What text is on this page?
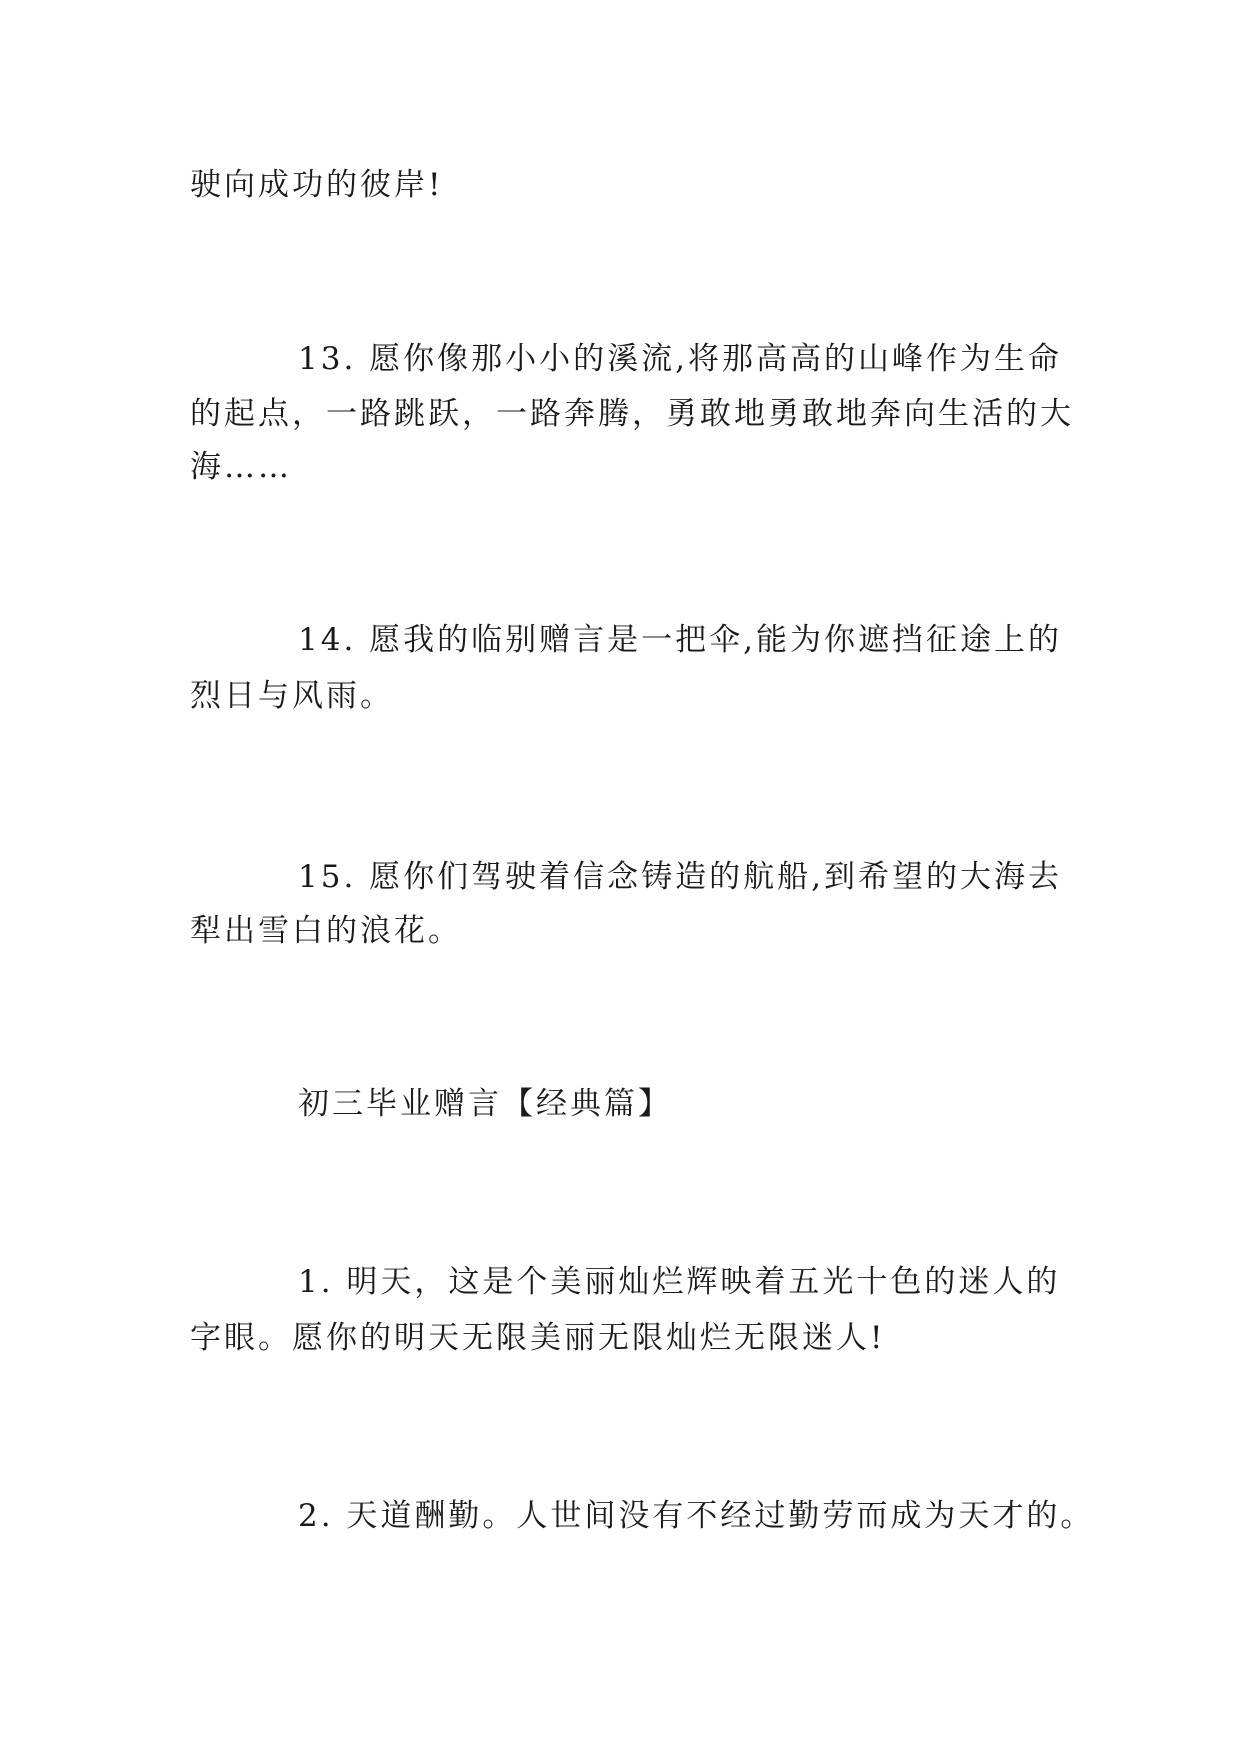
驶向成功的彼岸!
13. 愿你像那小小的溪流,将那高高的山峰作为生命
的起点，一路跳跃，一路奔腾，勇敢地勇敢地奔向生活的大
海……
14. 愿我的临别赠言是一把伞,能为你遮挡征途上的
烈日与风雨。
15. 愿你们驾驶着信念铸造的航船,到希望的大海去
犁出雪白的浪花。
初三毕业赠言【经典篇】
1. 明天，这是个美丽灿烂辉映着五光十色的迷人的
字眼。愿你的明天无限美丽无限灿烂无限迷人!
2. 天道酬勤。人世间没有不经过勤劳而成为天才的。
